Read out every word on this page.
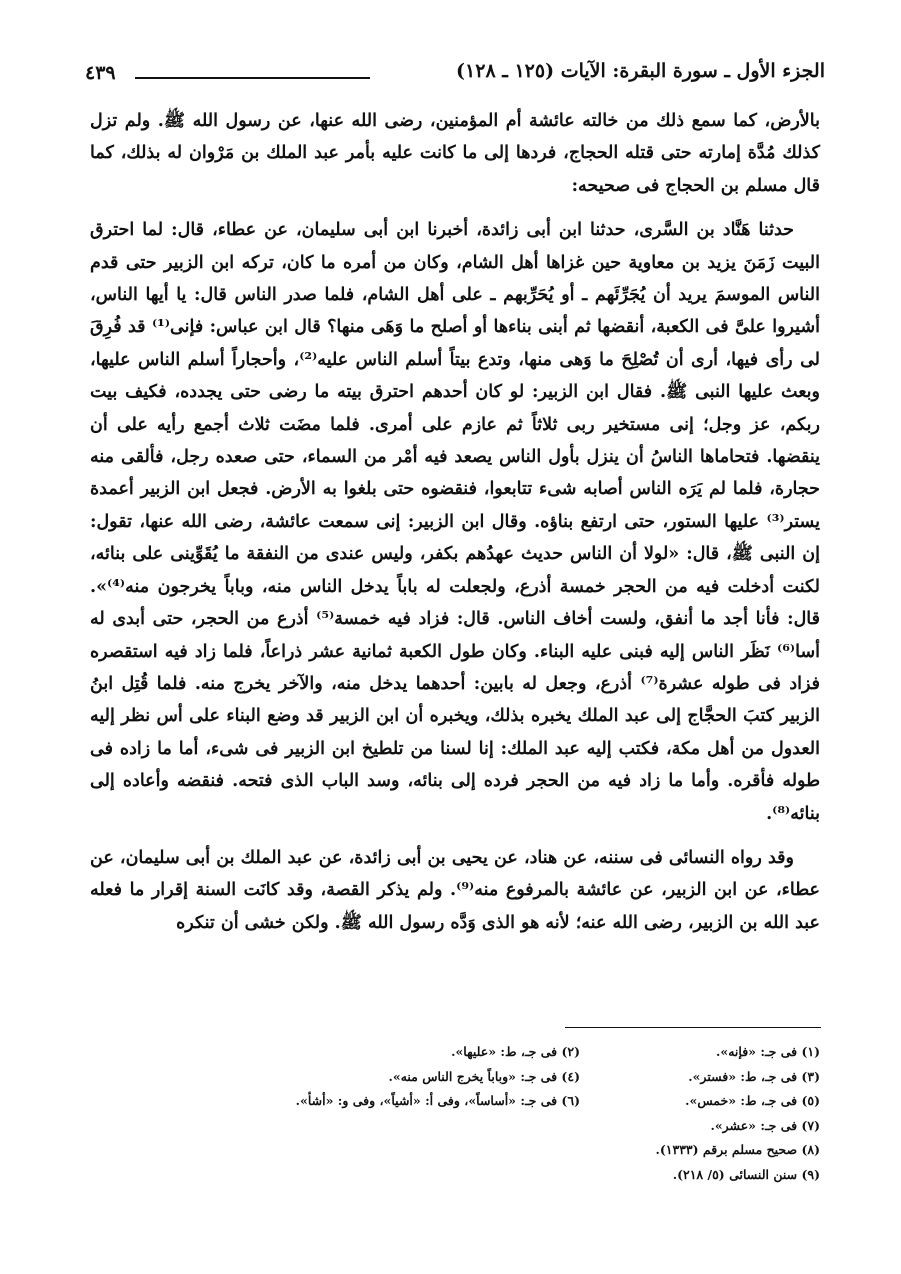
الجزء الأول ـ سورة البقرة: الآيات (١٢٥ ـ ١٢٨)
٤٣٩

بالأرض، كما سمع ذلك من خالته عائشة أم المؤمنين، رضى الله عنها، عن رسول الله ﷺ. ولم تزل كذلك مُدَّة إمارته حتى قتله الحجاج، فردها إلى ما كانت عليه بأمر عبد الملك بن مَرْوان له بذلك، كما قال مسلم بن الحجاج فى صحيحه:

حدثنا هَنَّاد بن السَّرى، حدثنا ابن أبى زائدة، أخبرنا ابن أبى سليمان، عن عطاء، قال: لما احترق البيت زَمَنَ يزيد بن معاوية حين غزاها أهل الشام، وكان من أمره ما كان، تركه ابن الزبير حتى قدم الناس الموسمَ يريد أن يُجَرِّئَهم ـ أو يُحَرِّبهم ـ على أهل الشام، فلما صدر الناس قال: يا أيها الناس، أشيروا علىَّ فى الكعبة، أنقضها ثم أبنى بناءها أو أصلح ما وَهَى منها؟ قال ابن عباس: فإنى⁽¹⁾ قد فُرِقَ لى رأى فيها، أرى أن تُصْلِحَ ما وَهى منها، وتدع بيتاً أسلم الناس عليه⁽²⁾، وأحجاراً أسلم الناس عليها، وبعث عليها النبى ﷺ. فقال ابن الزبير: لو كان أحدهم احترق بيته ما رضى حتى يجدده، فكيف بيت ربكم، عز وجل؛ إنى مستخير ربى ثلاثاً ثم عازم على أمرى. فلما مضَت ثلاث أجمع رأيه على أن ينقضها. فتحاماها الناسُ أن ينزل بأول الناس يصعد فيه أمْر من السماء، حتى صعده رجل، فألقى منه حجارة، فلما لم يَرَه الناس أصابه شىء تتابعوا، فنقضوه حتى بلغوا به الأرض. فجعل ابن الزبير أعمدة يستر⁽³⁾ عليها الستور، حتى ارتفع بناؤه. وقال ابن الزبير: إنى سمعت عائشة، رضى الله عنها، تقول: إن النبى ﷺ، قال: «لولا أن الناس حديث عهدُهم بكفر، وليس عندى من النفقة ما يُقَوِّينى على بنائه، لكنت أدخلت فيه من الحجر خمسة أذرع، ولجعلت له باباً يدخل الناس منه، وباباً يخرجون منه⁽⁴⁾». قال: فأنا أجد ما أنفق، ولست أخاف الناس. قال: فزاد فيه خمسة⁽⁵⁾ أذرع من الحجر، حتى أبدى له أسا⁽⁶⁾ نَظَر الناس إليه فبنى عليه البناء. وكان طول الكعبة ثمانية عشر ذراعاً، فلما زاد فيه استقصره فزاد فى طوله عشرة⁽⁷⁾ أذرع، وجعل له بابين: أحدهما يدخل منه، والآخر يخرج منه. فلما قُتِل ابنُ الزبير كتبَ الحجَّاج إلى عبد الملك يخبره بذلك، ويخبره أن ابن الزبير قد وضع البناء على أس نظر إليه العدول من أهل مكة، فكتب إليه عبد الملك: إنا لسنا من تلطيخ ابن الزبير فى شىء، أما ما زاده فى طوله فأقره. وأما ما زاد فيه من الحجر فرده إلى بنائه، وسد الباب الذى فتحه. فنقضه وأعاده إلى بنائه⁽⁸⁾.

وقد رواه النسائى فى سننه، عن هناد، عن يحيى بن أبى زائدة، عن عبد الملك بن أبى سليمان، عن عطاء، عن ابن الزبير، عن عائشة بالمرفوع منه⁽⁹⁾. ولم يذكر القصة، وقد كانَت السنة إقرار ما فعله عبد الله بن الزبير، رضى الله عنه؛ لأنه هو الذى وَدَّه رسول الله ﷺ. ولكن خشى أن تنكره

(١) فى جـ: «فإنه».
(٢) فى جـ، ط: «عليها».
(٣) فى جـ، ط: «فستر».
(٤) فى جـ: «وباباً يخرج الناس منه».
(٥) فى جـ، ط: «خمس».
(٦) فى جـ: «أساساً»، وفى أ: «أشياً»، وفى و: «أشأ».
(٧) فى جـ: «عشر».
(٨) صحيح مسلم برقم (١٣٣٣).
(٩) سنن النسائى (٥/ ٢١٨).
